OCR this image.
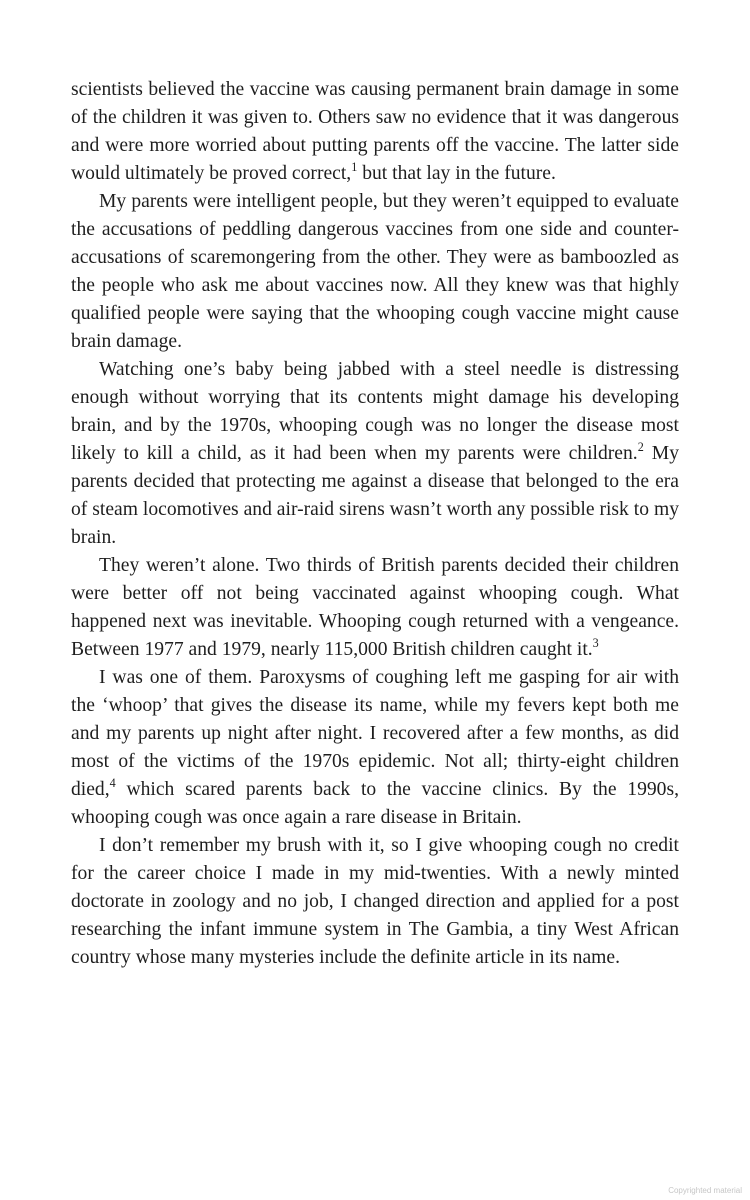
scientists believed the vaccine was causing permanent brain damage in some of the children it was given to. Others saw no evidence that it was dangerous and were more worried about putting parents off the vaccine. The latter side would ultimately be proved correct,$^1$ but that lay in the future.

My parents were intelligent people, but they weren’t equipped to evaluate the accusations of peddling dangerous vaccines from one side and counter-accusations of scaremongering from the other. They were as bamboozled as the people who ask me about vaccines now. All they knew was that highly qualified people were saying that the whooping cough vaccine might cause brain damage.

Watching one’s baby being jabbed with a steel needle is distressing enough without worrying that its contents might damage his developing brain, and by the 1970s, whooping cough was no longer the disease most likely to kill a child, as it had been when my parents were children.$^2$ My parents decided that protecting me against a disease that belonged to the era of steam locomotives and air-raid sirens wasn’t worth any possible risk to my brain.

They weren’t alone. Two thirds of British parents decided their children were better off not being vaccinated against whooping cough. What happened next was inevitable. Whooping cough returned with a vengeance. Between 1977 and 1979, nearly 115,000 British children caught it.$^3$

I was one of them. Paroxysms of coughing left me gasping for air with the ‘whoop’ that gives the disease its name, while my fevers kept both me and my parents up night after night. I recovered after a few months, as did most of the victims of the 1970s epidemic. Not all; thirty-eight children died,$^4$ which scared parents back to the vaccine clinics. By the 1990s, whooping cough was once again a rare disease in Britain.

I don’t remember my brush with it, so I give whooping cough no credit for the career choice I made in my mid-twenties. With a newly minted doctorate in zoology and no job, I changed direction and applied for a post researching the infant immune system in The Gambia, a tiny West African country whose many mysteries include the definite article in its name.

Copyrighted material
